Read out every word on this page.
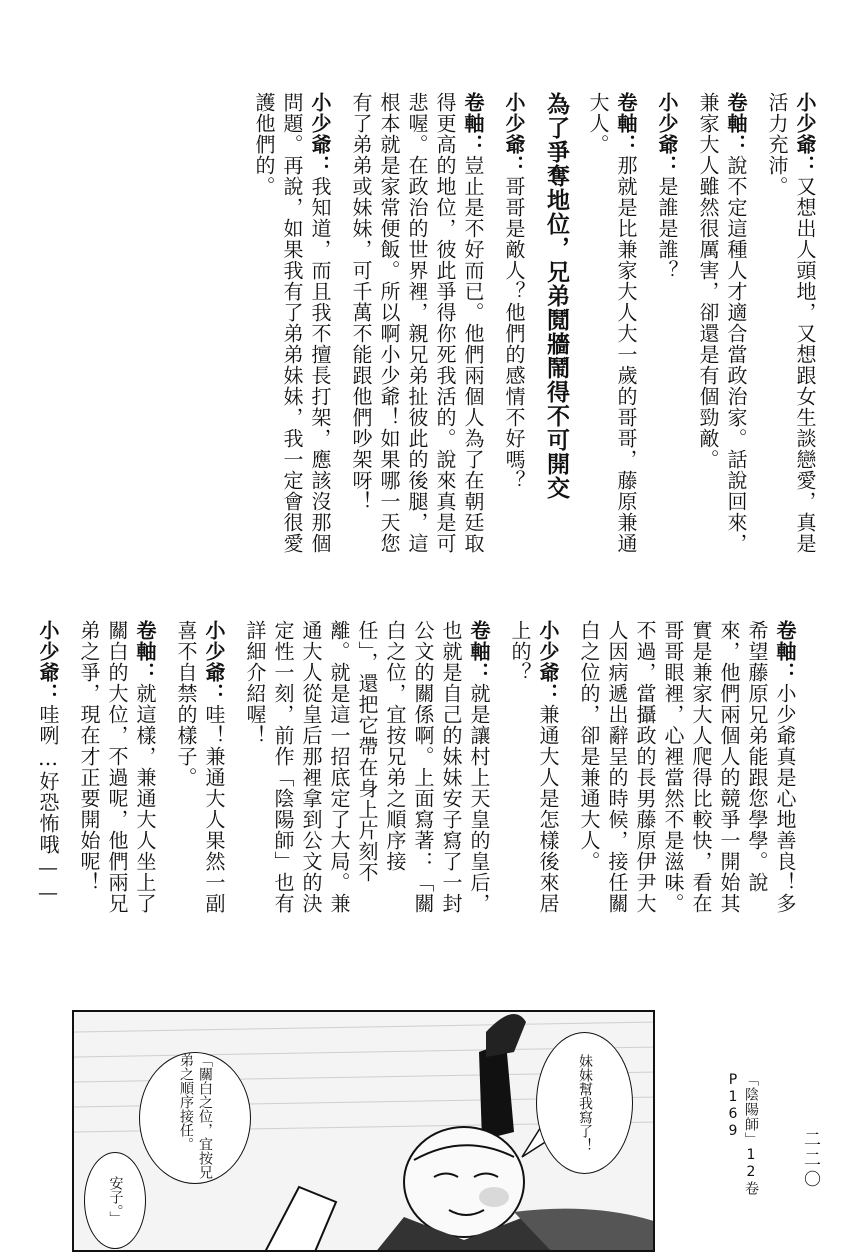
二二〇
小少爺：又想出人頭地，又想跟女生談戀愛，真是活力充沛。
卷軸：說不定這種人才適合當政治家。話說回來，兼家大人雖然很厲害，卻還是有個勁敵。
小少爺：是誰是誰？
卷軸：那就是比兼家大人大一歲的哥哥，藤原兼通大人。
為了爭奪地位，兄弟鬩牆鬧得不可開交
小少爺：哥哥是敵人？他們的感情不好嗎？
卷軸：豈止是不好而已。他們兩個人為了在朝廷取得更高的地位，彼此爭得你死我活的。說來真是可悲喔。在政治的世界裡，親兄弟扯彼此的後腿，這根本就是家常便飯。所以啊小少爺！如果哪一天您有了弟弟或妹妹，可千萬不能跟他們吵架呀！
小少爺：我知道，而且我不擅長打架，應該沒那個問題。再說，如果我有了弟弟妹妹，我一定會很愛護他們的。
卷軸：小少爺真是心地善良！多希望藤原兄弟能跟您學學。說來，他們兩個人的競爭一開始其實是兼家大人爬得比較快，看在哥哥眼裡，心裡當然不是滋味。不過，當攝政的長男藤原伊尹大人因病遞出辭呈的時候，接任關白之位的，卻是兼通大人。
小少爺：兼通大人是怎樣後來居上的？
卷軸：就是讓村上天皇的皇后，也就是自己的妹妹安子寫了一封公文的關係啊。上面寫著：「關白之位，宜按兄弟之順序接任」，還把它帶在身上片刻不離。就是這一招底定了大局。兼通大人從皇后那裡拿到公文的決定性一刻，前作「陰陽師」也有詳細介紹喔！
小少爺：哇！兼通大人果然一副喜不自禁的樣子。
卷軸：就這樣，兼通大人坐上了關白的大位，不過呢，他們兩兄弟之爭，現在才正要開始呢！
小少爺：哇咧…好恐怖哦——
「陰陽師」12卷P169
妹妹幫我寫了！
「關白之位，宜按兄弟之順序接任。
安子。」
